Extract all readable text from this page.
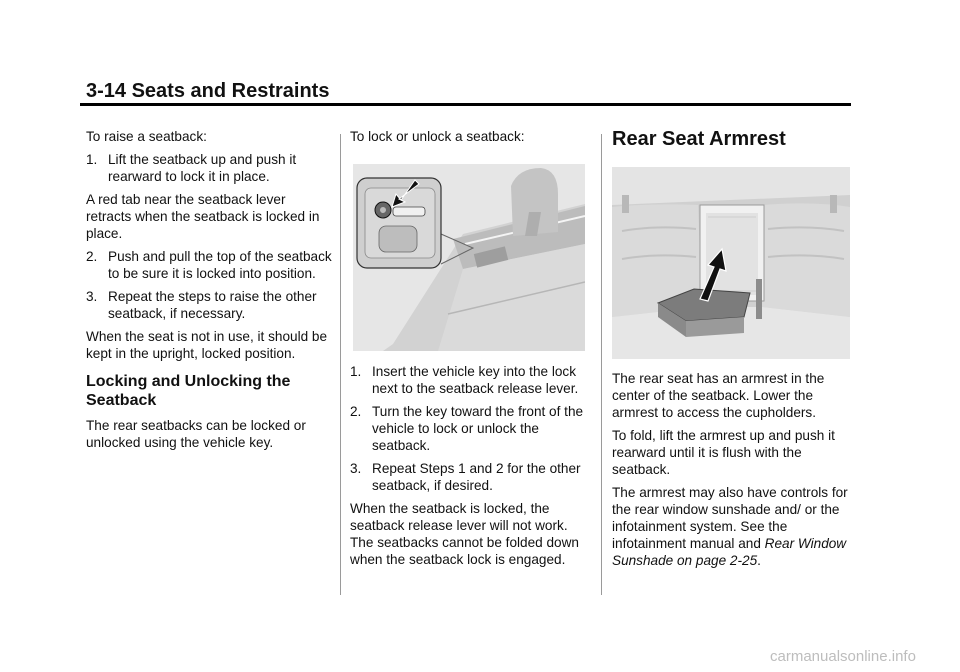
3-14 Seats and Restraints

To raise a seatback:

1. Lift the seatback up and push it rearward to lock it in place.

A red tab near the seatback lever retracts when the seatback is locked in place.

2. Push and pull the top of the seatback to be sure it is locked into position.
3. Repeat the steps to raise the other seatback, if necessary.

When the seat is not in use, it should be kept in the upright, locked position.

Locking and Unlocking the Seatback

The rear seatbacks can be locked or unlocked using the vehicle key.

To lock or unlock a seatback:

1. Insert the vehicle key into the lock next to the seatback release lever.
2. Turn the key toward the front of the vehicle to lock or unlock the seatback.
3. Repeat Steps 1 and 2 for the other seatback, if desired.

When the seatback is locked, the seatback release lever will not work. The seatbacks cannot be folded down when the seatback lock is engaged.

Rear Seat Armrest

The rear seat has an armrest in the center of the seatback. Lower the armrest to access the cupholders.

To fold, lift the armrest up and push it rearward until it is flush with the seatback.

The armrest may also have controls for the rear window sunshade and/ or the infotainment system. See the infotainment manual and Rear Window Sunshade on page 2-25.

carmanualsonline.info
